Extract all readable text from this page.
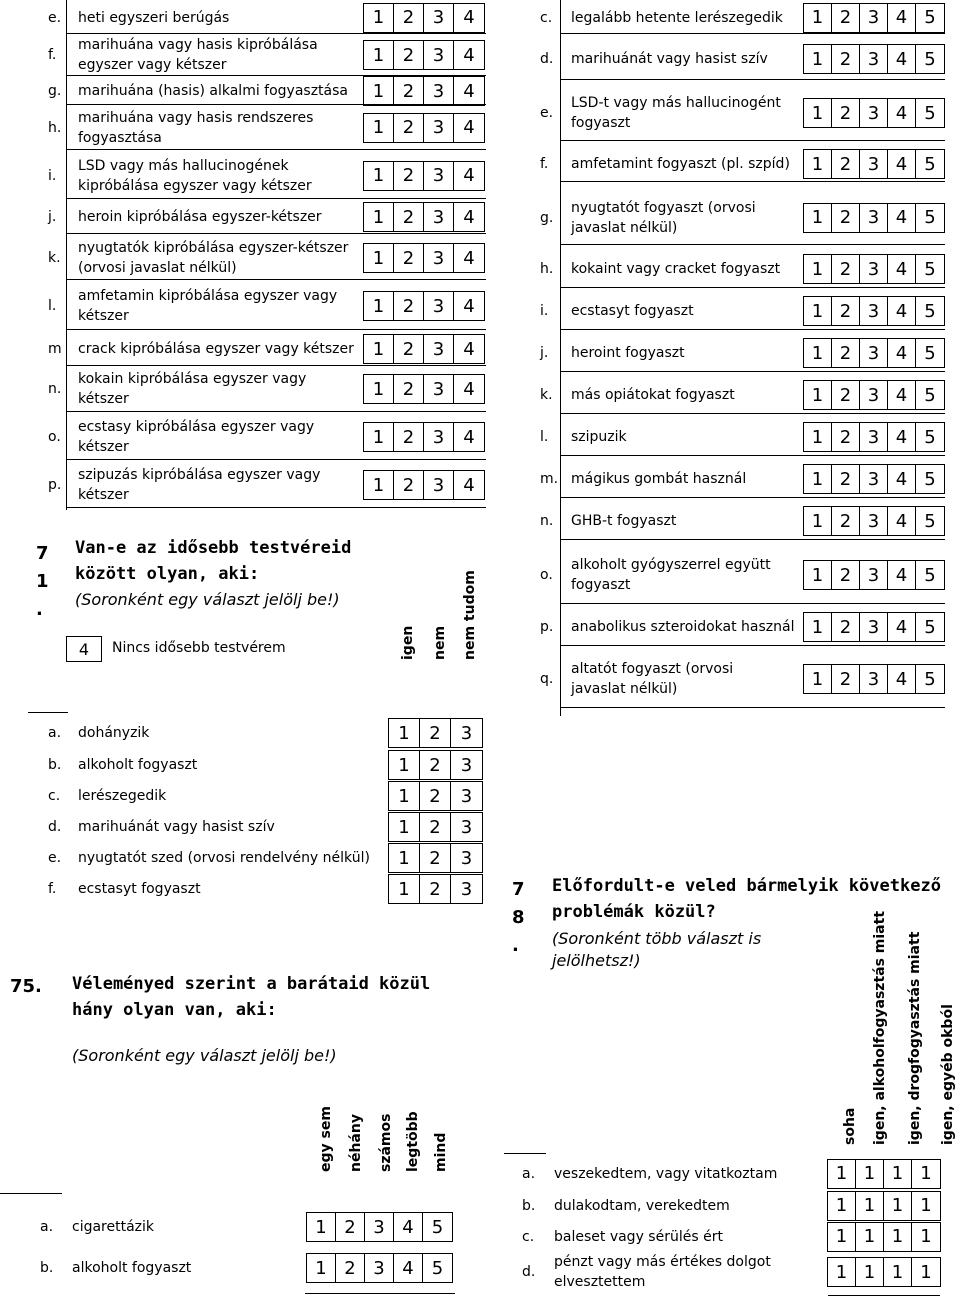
e. heti egyszeri berúgás	1	2	3	4
f.
marihuána vagy hasis kipróbálása
egyszer vagy kétszer	1	2	3	4
g. marihuána (hasis) alkalmi fogyasztása	1	2	3	4
h.
marihuána vagy hasis rendszeres
fogyasztása	1	2	3	4
i.
LSD vagy más hallucinogének
kipróbálása egyszer vagy kétszer	1	2	3	4
j. heroin kipróbálása egyszer-kétszer	1	2	3	4
k.
nyugtatók kipróbálása egyszer-kétszer
(orvosi javaslat nélkül)	1	2	3	4
l.
amfetamin kipróbálása egyszer vagy
kétszer	1	2	3	4
m crack kipróbálása egyszer vagy kétszer	1	2	3	4
n.
kokain kipróbálása egyszer vagy
kétszer	1	2	3	4
o.
ecstasy kipróbálása egyszer vagy
kétszer	1	2	3	4
p.
szipuzás kipróbálása egyszer vagy
kétszer	1	2	3	4
7
1
.
Van-e az idősebb testvéreid
között olyan, aki:
(Soronként egy választ jelölj be!)
4	Nincs idősebb testvérem	igen nem nem tudom
a. dohányzik	1	2	3
b. alkoholt fogyaszt	1	2	3
c. lerészegedik	1	2	3
d. marihuánát vagy hasist szív	1	2	3
e. nyugtatót szed (orvosi rendelvény nélkül)	1	2	3
f. ecstasyt fogyaszt	1	2	3
75. Véleményed szerint a barátaid közül
hány olyan van, aki:
(Soronként egy választ jelölj be!)
egy sem néhány számos legtöbb mind
a. cigarettázik	1 2 3 4	5
b. alkoholt fogyaszt	1 2 3 4	5
c. legalább hetente lerészegedik	1 2 3 4 5
d. marihuánát vagy hasist szív	1 2 3 4 5
e.
LSD-t vagy más hallucinogént
fogyaszt	1 2 3 4 5
f. amfetamint fogyaszt (pl. szpíd)	1 2 3 4 5
g.
nyugtatót fogyaszt (orvosi
javaslat nélkül)	1 2 3 4 5
h. kokaint vagy cracket fogyaszt	1 2 3 4 5
i. ecstasyt fogyaszt	1 2 3 4 5
j. heroint fogyaszt	1 2 3 4 5
k. más opiátokat fogyaszt	1 2 3 4 5
l. szipuzik	1 2 3 4 5
m. mágikus gombát használ	1 2 3 4 5
n. GHB-t fogyaszt	1 2 3 4 5
o.
alkoholt gyógyszerrel együtt
fogyaszt	1 2 3 4 5
p. anabolikus szteroidokat használ 1 2 3 4 5
q.
altatót fogyaszt (orvosi
javaslat nélkül)	1 2 3 4 5
7
8
.
Előfordult-e veled bármelyik következő
problémák közül?
(Soronként több választ is
jelölhetsz!)
soha igen, alkoholfogyasztás miatt igen, drogfogyasztás miatt igen, egyéb okból
a. veszekedtem, vagy vitatkoztam	1 1 1 1
b. dulakodtam, verekedtem	1 1 1 1
c. baleset vagy sérülés ért	1 1 1 1
d.
pénzt vagy más értékes dolgot
elvesztettem	1 1 1 1
